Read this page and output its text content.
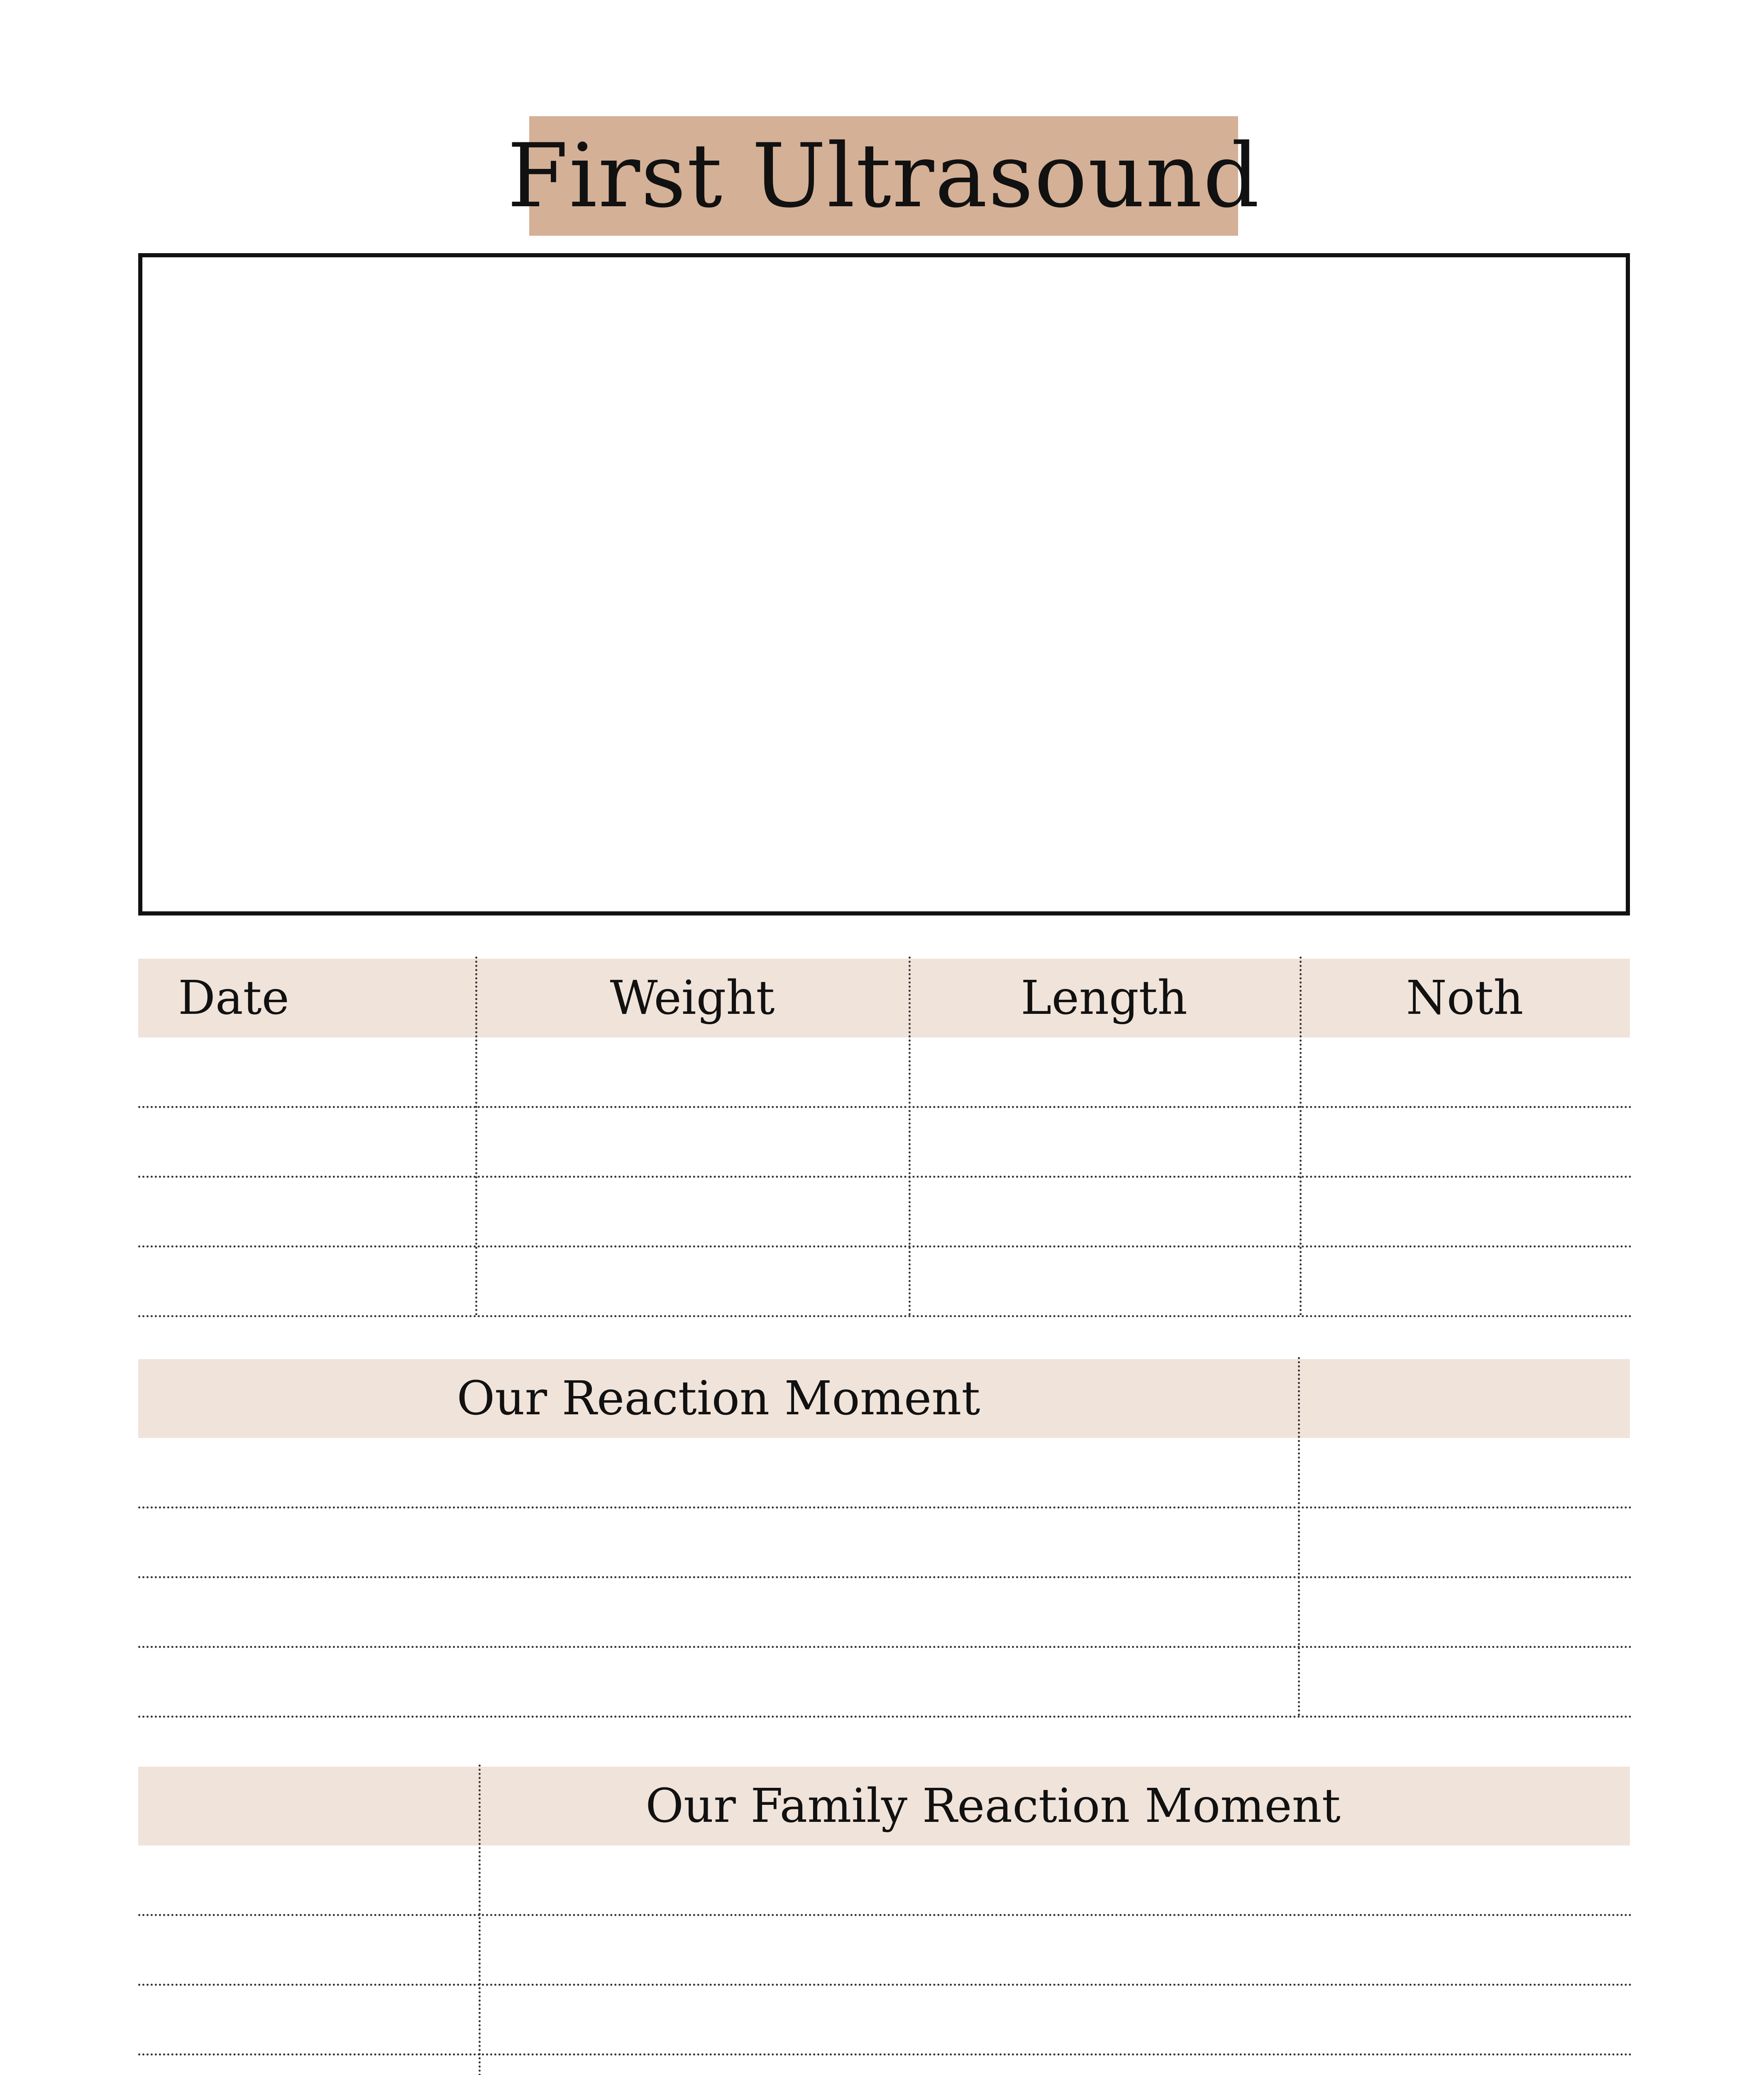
First Ultrasound
Date	Weight	Length	Noth
Our Reaction Moment
Our Family Reaction Moment
